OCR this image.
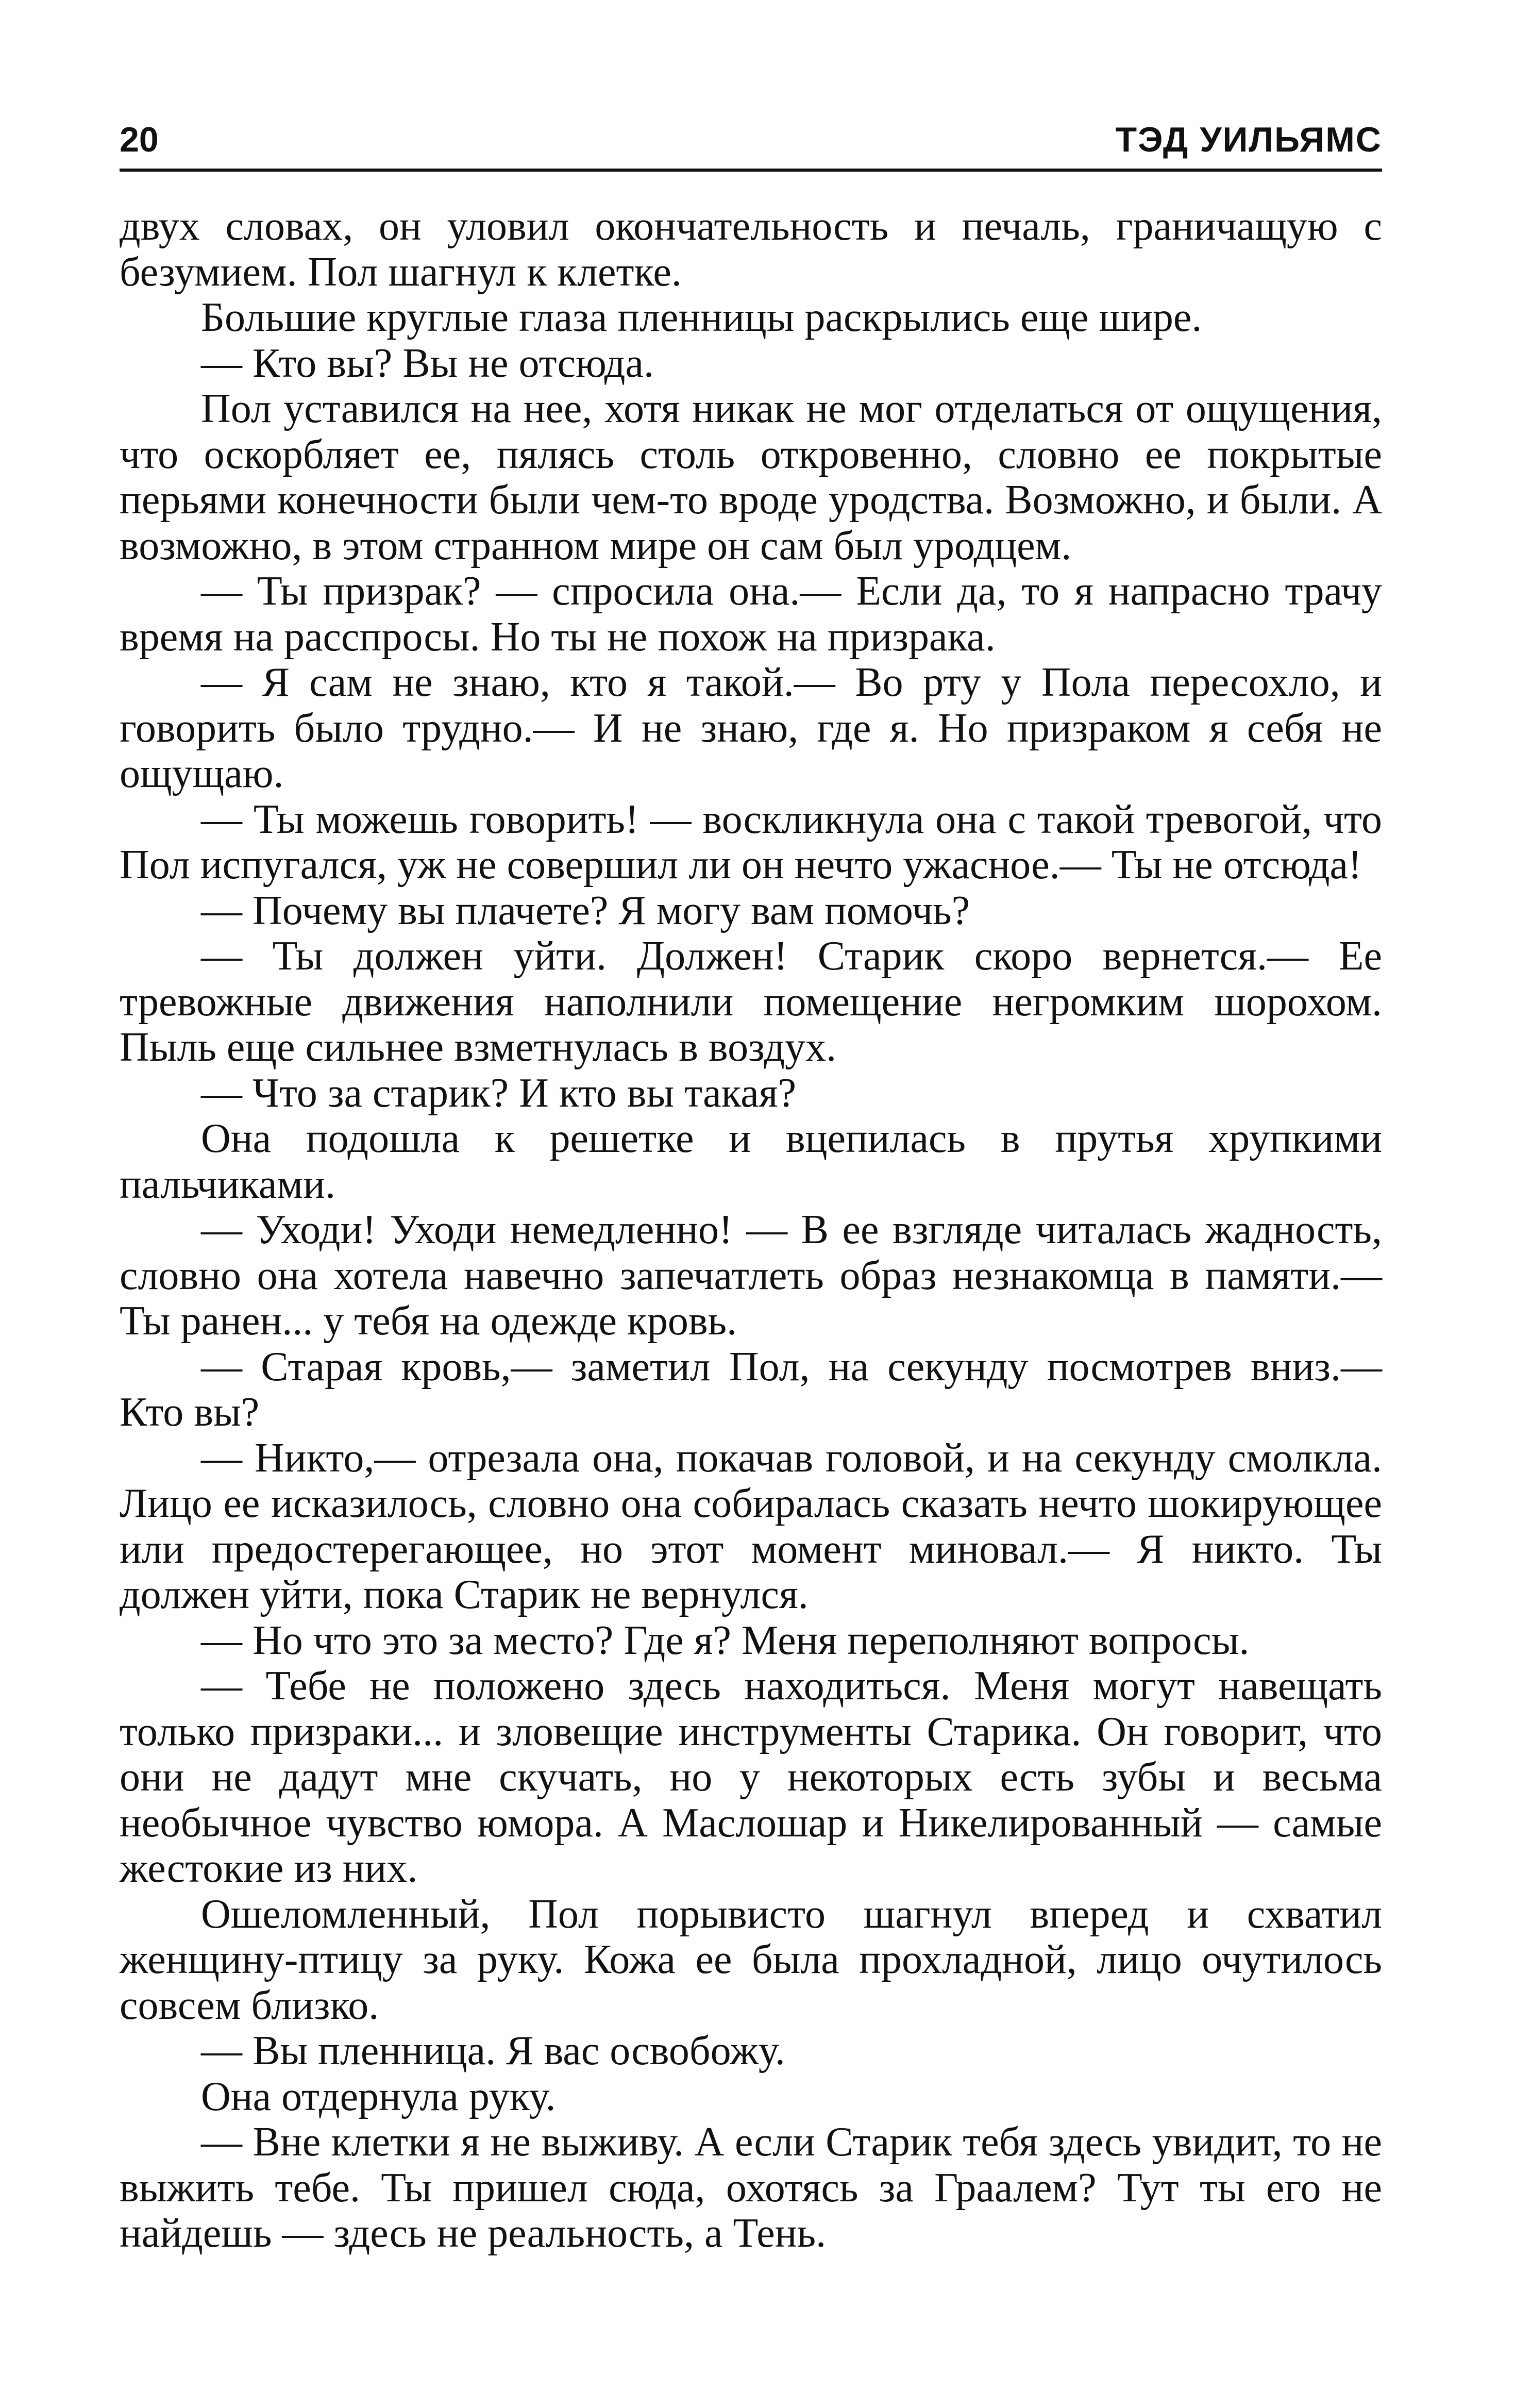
20	ТЭД УИЛЬЯМС

двух словах, он уловил окончательность и печаль, граничащую с безумием. Пол шагнул к клетке.

Большие круглые глаза пленницы раскрылись еще шире.

— Кто вы? Вы не отсюда.

Пол уставился на нее, хотя никак не мог отделаться от ощущения, что оскорбляет ее, пялясь столь откровенно, словно ее покрытые перьями конечности были чем-то вроде уродства. Возможно, и были. А возможно, в этом странном мире он сам был уродцем.

— Ты призрак? — спросила она.— Если да, то я напрасно трачу время на расспросы. Но ты не похож на призрака.

— Я сам не знаю, кто я такой.— Во рту у Пола пересохло, и говорить было трудно.— И не знаю, где я. Но призраком я себя не ощущаю.

— Ты можешь говорить! — воскликнула она с такой тревогой, что Пол испугался, уж не совершил ли он нечто ужасное.— Ты не отсюда!

— Почему вы плачете? Я могу вам помочь?

— Ты должен уйти. Должен! Старик скоро вернется.— Ее тревожные движения наполнили помещение негромким шорохом. Пыль еще сильнее взметнулась в воздух.

— Что за старик? И кто вы такая?

Она подошла к решетке и вцепилась в прутья хрупкими пальчиками.

— Уходи! Уходи немедленно! — В ее взгляде читалась жадность, словно она хотела навечно запечатлеть образ незнакомца в памяти.— Ты ранен... у тебя на одежде кровь.

— Старая кровь,— заметил Пол, на секунду посмотрев вниз.— Кто вы?

— Никто,— отрезала она, покачав головой, и на секунду смолкла. Лицо ее исказилось, словно она собиралась сказать нечто шокирующее или предостерегающее, но этот момент миновал.— Я никто. Ты должен уйти, пока Старик не вернулся.

— Но что это за место? Где я? Меня переполняют вопросы.

— Тебе не положено здесь находиться. Меня могут навещать только призраки... и зловещие инструменты Старика. Он говорит, что они не дадут мне скучать, но у некоторых есть зубы и весьма необычное чувство юмора. А Маслошар и Никелированный — самые жестокие из них.

Ошеломленный, Пол порывисто шагнул вперед и схватил женщину-птицу за руку. Кожа ее была прохладной, лицо очутилось совсем близко.

— Вы пленница. Я вас освобожу.

Она отдернула руку.

— Вне клетки я не выживу. А если Старик тебя здесь увидит, то не выжить тебе. Ты пришел сюда, охотясь за Граалем? Тут ты его не найдешь — здесь не реальность, а Тень.
